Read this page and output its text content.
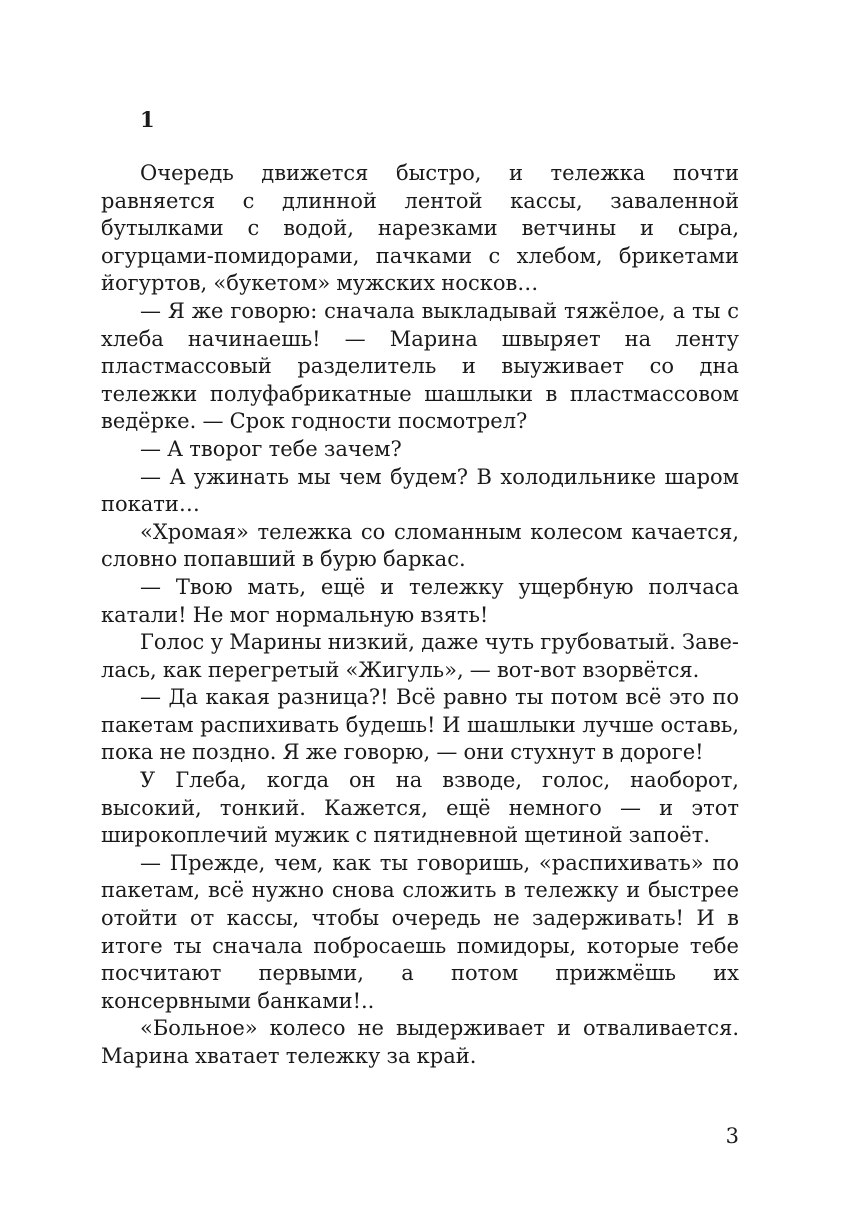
1

Очередь движется быстро, и тележка почти равняется с длинной лентой кассы, заваленной бутылками с водой, нарезками ветчины и сыра, огурцами-помидорами, пачками с хлебом, брикетами йогуртов, «букетом» мужских носков…

— Я же говорю: сначала выкладывай тяжёлое, а ты с хлеба начинаешь! — Марина швыряет на ленту пластмассовый разделитель и выуживает со дна тележки полуфабрикатные шашлыки в пластмассовом ведёрке. — Срок годности посмотрел?

— А творог тебе зачем?

— А ужинать мы чем будем? В холодильнике шаром покати…

«Хромая» тележка со сломанным колесом качается, словно попавший в бурю баркас.

— Твою мать, ещё и тележку ущербную полчаса катали! Не мог нормальную взять!

Голос у Марины низкий, даже чуть грубоватый. Завелась, как перегретый «Жигуль», — вот-вот взорвётся.

— Да какая разница?! Всё равно ты потом всё это по пакетам распихивать будешь! И шашлыки лучше оставь, пока не поздно. Я же говорю, — они стухнут в дороге!

У Глеба, когда он на взводе, голос, наоборот, высокий, тонкий. Кажется, ещё немного — и этот широкоплечий мужик с пятидневной щетиной запоёт.

— Прежде, чем, как ты говоришь, «распихивать» по пакетам, всё нужно снова сложить в тележку и быстрее отойти от кассы, чтобы очередь не задерживать! И в итоге ты сначала побросаешь помидоры, которые тебе посчитают первыми, а потом прижмёшь их консервными банками!..

«Больное» колесо не выдерживает и отваливается. Марина хватает тележку за край.

3
